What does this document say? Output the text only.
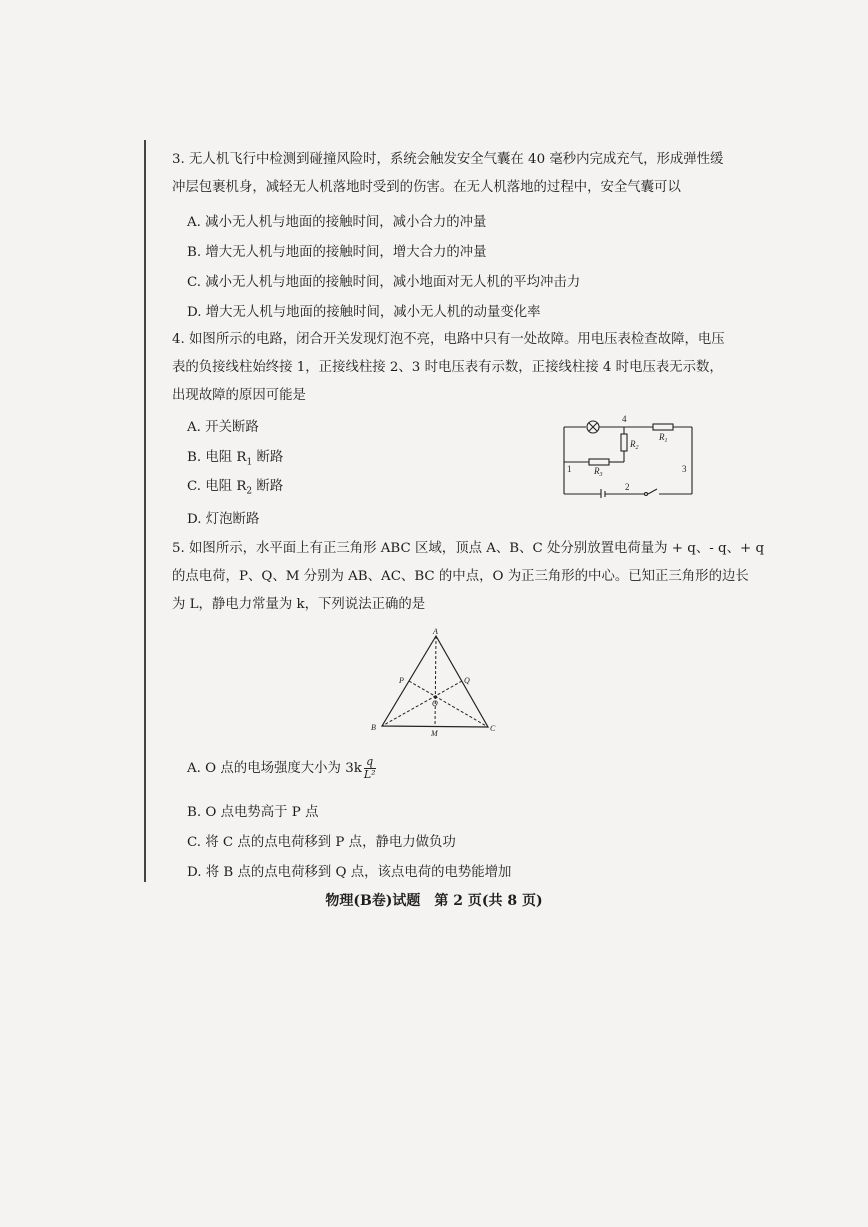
3. 无人机飞行中检测到碰撞风险时，系统会触发安全气囊在 40 毫秒内完成充气，形成弹性缓
冲层包裹机身，减轻无人机落地时受到的伤害。在无人机落地的过程中，安全气囊可以
A. 减小无人机与地面的接触时间，减小合力的冲量
B. 增大无人机与地面的接触时间，增大合力的冲量
C. 减小无人机与地面的接触时间，减小地面对无人机的平均冲击力
D. 增大无人机与地面的接触时间，减小无人机的动量变化率
4. 如图所示的电路，闭合开关发现灯泡不亮，电路中只有一处故障。用电压表检查故障，电压
表的负接线柱始终接 1，正接线柱接 2、3 时电压表有示数，正接线柱接 4 时电压表无示数，
出现故障的原因可能是
A. 开关断路
B. 电阻 $R_1$ 断路
C. 电阻 $R_2$ 断路
D. 灯泡断路
4
1	3
2
$R_1$
$R_2$
$R_3$
5. 如图所示，水平面上有正三角形 ABC 区域，顶点 A、B、C 处分别放置电荷量为 + q、- q、+ q
的点电荷，P、Q、M 分别为 AB、AC、BC 的中点，O 为正三角形的中心。已知正三角形的边长
为 L，静电力常量为 k，下列说法正确的是
A
B	C
P	Q
M
O
A. O 点的电场强度大小为 $3k \frac{q}{\text{L²}}$
B. O 点电势高于 P 点
C. 将 C 点的点电荷移到 P 点，静电力做负功
D. 将 B 点的点电荷移到 Q 点，该点电荷的电势能增加
物理(B卷)试题　第 2 页(共 8 页)
